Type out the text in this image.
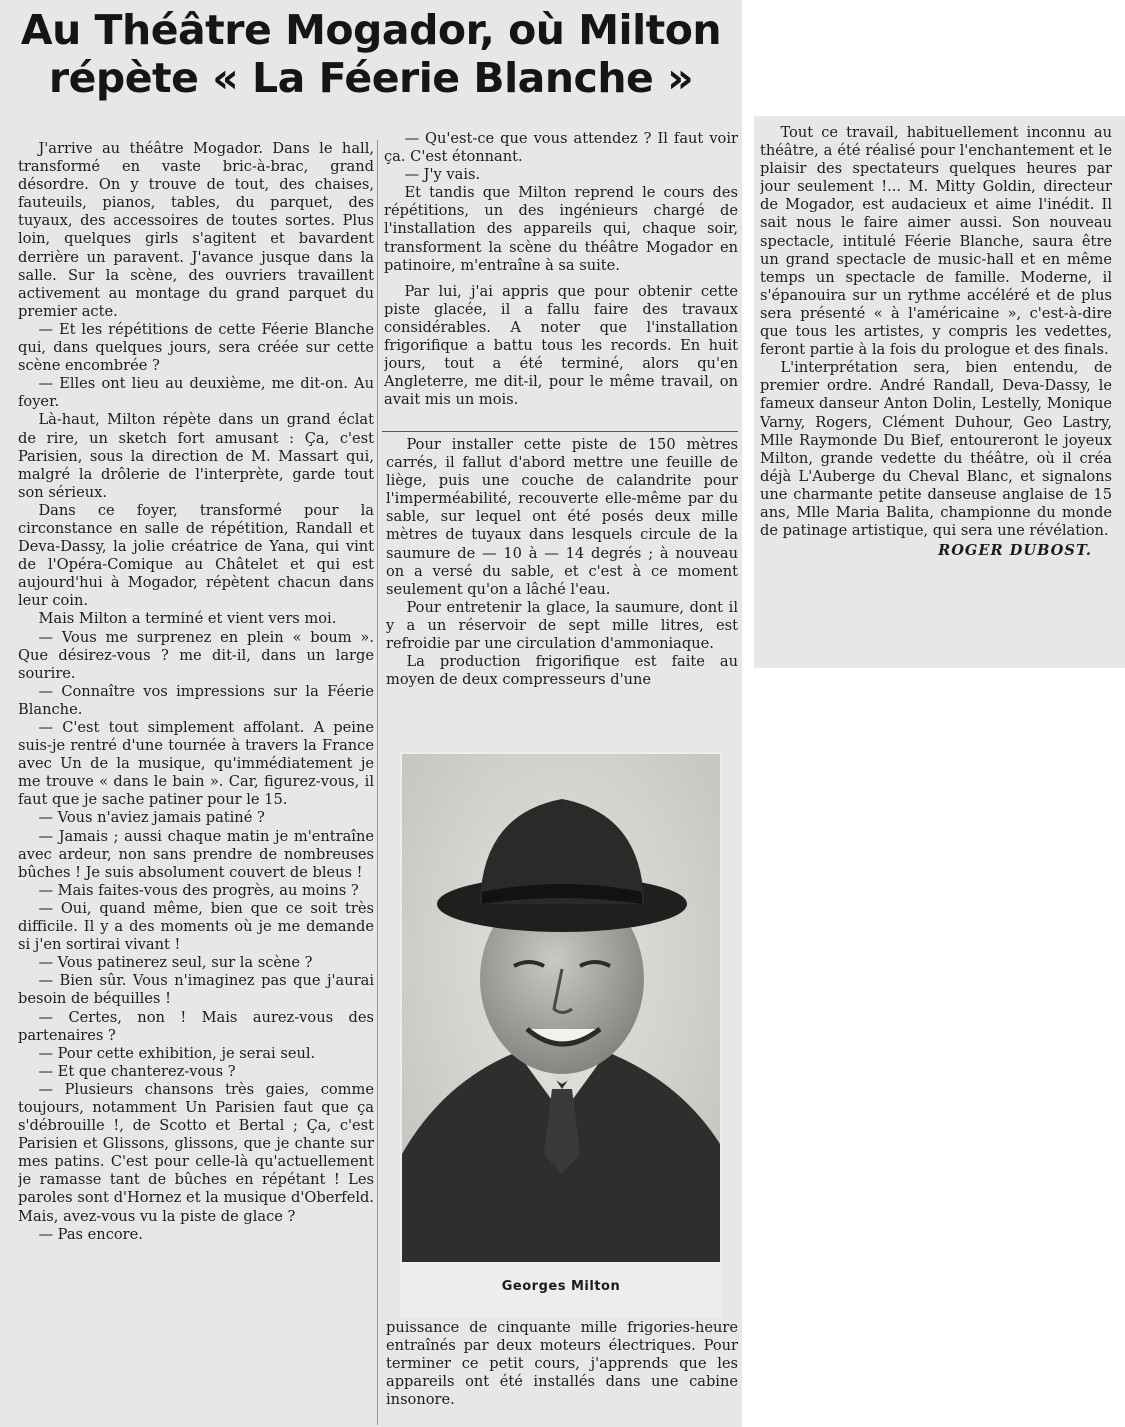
Au Théâtre Mogador, où Milton
répète « La Féerie Blanche »

J'arrive au théâtre Mogador. Dans le hall, transformé en vaste bric-à-brac, grand désordre. On y trouve de tout, des chaises, fauteuils, pianos, tables, du parquet, des tuyaux, des accessoires de toutes sortes. Plus loin, quelques girls s'agitent et bavardent derrière un paravent. J'avance jusque dans la salle. Sur la scène, des ouvriers travaillent activement au montage du grand parquet du premier acte.

— Et les répétitions de cette Féerie Blanche qui, dans quelques jours, sera créée sur cette scène encombrée ?

— Elles ont lieu au deuxième, me dit-on. Au foyer.

Là-haut, Milton répète dans un grand éclat de rire, un sketch fort amusant : Ça, c'est Parisien, sous la direction de M. Massart qui, malgré la drôlerie de l'interprète, garde tout son sérieux.

Dans ce foyer, transformé pour la circonstance en salle de répétition, Randall et Deva-Dassy, la jolie créatrice de Yana, qui vint de l'Opéra-Comique au Châtelet et qui est aujourd'hui à Mogador, répètent chacun dans leur coin.

Mais Milton a terminé et vient vers moi.

— Vous me surprenez en plein « boum ». Que désirez-vous ? me dit-il, dans un large sourire.

— Connaître vos impressions sur la Féerie Blanche.

— C'est tout simplement affolant. A peine suis-je rentré d'une tournée à travers la France avec Un de la musique, qu'immédiatement je me trouve « dans le bain ». Car, figurez-vous, il faut que je sache patiner pour le 15.

— Vous n'aviez jamais patiné ?

— Jamais ; aussi chaque matin je m'entraîne avec ardeur, non sans prendre de nombreuses bûches ! Je suis absolument couvert de bleus !

— Mais faites-vous des progrès, au moins ?

— Oui, quand même, bien que ce soit très difficile. Il y a des moments où je me demande si j'en sortirai vivant !

— Vous patinerez seul, sur la scène ?

— Bien sûr. Vous n'imaginez pas que j'aurai besoin de béquilles !

— Certes, non ! Mais aurez-vous des partenaires ?

— Pour cette exhibition, je serai seul.

— Et que chanterez-vous ?

— Plusieurs chansons très gaies, comme toujours, notamment Un Parisien faut que ça s'débrouille !, de Scotto et Bertal ; Ça, c'est Parisien et Glissons, glissons, que je chante sur mes patins. C'est pour celle-là qu'actuellement je ramasse tant de bûches en répétant ! Les paroles sont d'Hornez et la musique d'Oberfeld. Mais, avez-vous vu la piste de glace ?

— Pas encore.

— Qu'est-ce que vous attendez ? Il faut voir ça. C'est étonnant.

— J'y vais.

Et tandis que Milton reprend le cours des répétitions, un des ingénieurs chargé de l'installation des appareils qui, chaque soir, transforment la scène du théâtre Mogador en patinoire, m'entraîne à sa suite.

Par lui, j'ai appris que pour obtenir cette piste glacée, il a fallu faire des travaux considérables. A noter que l'installation frigorifique a battu tous les records. En huit jours, tout a été terminé, alors qu'en Angleterre, me dit-il, pour le même travail, on avait mis un mois.

Pour installer cette piste de 150 mètres carrés, il fallut d'abord mettre une feuille de liège, puis une couche de calandrite pour l'imperméabilité, recouverte elle-même par du sable, sur lequel ont été posés deux mille mètres de tuyaux dans lesquels circule de la saumure de — 10 à — 14 degrés ; à nouveau on a versé du sable, et c'est à ce moment seulement qu'on a lâché l'eau.

Pour entretenir la glace, la saumure, dont il y a un réservoir de sept mille litres, est refroidie par une circulation d'ammoniaque.

La production frigorifique est faite au moyen de deux compresseurs d'une

Georges Milton

puissance de cinquante mille frigories-heure entraînés par deux moteurs électriques. Pour terminer ce petit cours, j'apprends que les appareils ont été installés dans une cabine insonore.

Tout ce travail, habituellement inconnu au théâtre, a été réalisé pour l'enchantement et le plaisir des spectateurs quelques heures par jour seulement !... M. Mitty Goldin, directeur de Mogador, est audacieux et aime l'inédit. Il sait nous le faire aimer aussi. Son nouveau spectacle, intitulé Féerie Blanche, saura être un grand spectacle de music-hall et en même temps un spectacle de famille. Moderne, il s'épanouira sur un rythme accéléré et de plus sera présenté « à l'américaine », c'est-à-dire que tous les artistes, y compris les vedettes, feront partie à la fois du prologue et des finals.

L'interprétation sera, bien entendu, de premier ordre. André Randall, Deva-Dassy, le fameux danseur Anton Dolin, Lestelly, Monique Varny, Rogers, Clément Duhour, Geo Lastry, Mlle Raymonde Du Bief, entoureront le joyeux Milton, grande vedette du théâtre, où il créa déjà L'Auberge du Cheval Blanc, et signalons une charmante petite danseuse anglaise de 15 ans, Mlle Maria Balita, championne du monde de patinage artistique, qui sera une révélation.

ROGER DUBOST.
